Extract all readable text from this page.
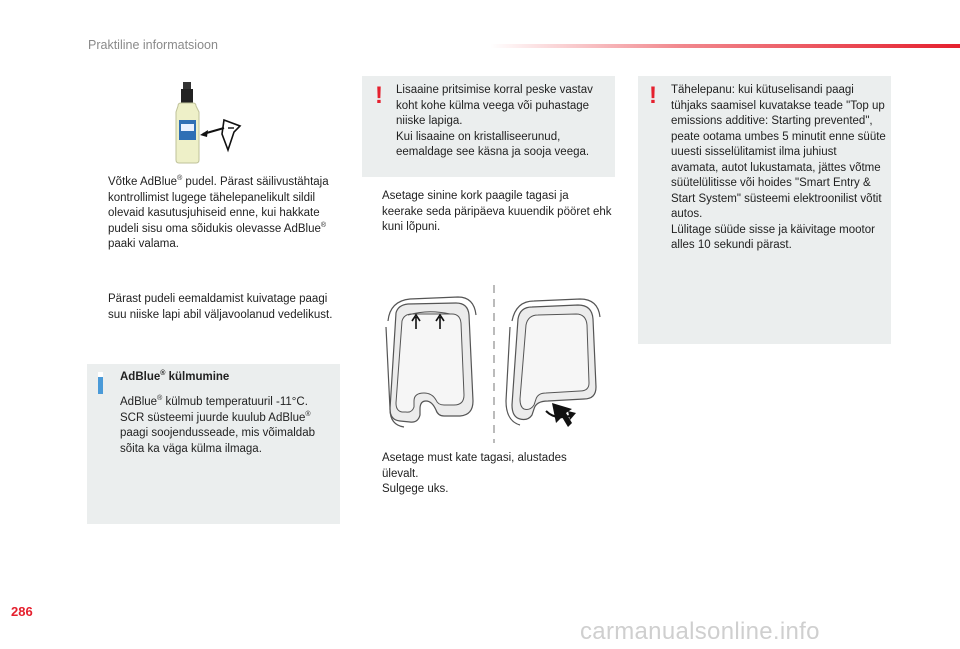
Praktiline informatsioon
Võtke AdBlue® pudel. Pärast säilivustähtaja kontrollimist lugege tähelepanelikult sildil olevaid kasutusjuhiseid enne, kui hakkate pudeli sisu oma sõidukis olevasse AdBlue® paaki valama.
Pärast pudeli eemaldamist kuivatage paagi suu niiske lapi abil väljavoolanud vedelikust.
AdBlue® külmumine
AdBlue® külmub temperatuuril -11°C.
SCR süsteemi juurde kuulub AdBlue® paagi soojendusseade, mis võimaldab sõita ka väga külma ilmaga.
! Lisaaine pritsimise korral peske vastav koht kohe külma veega või puhastage niiske lapiga.
Kui lisaaine on kristalliseerunud, eemaldage see käsna ja sooja veega.
Asetage sinine kork paagile tagasi ja keerake seda päripäeva kuuendik pööret ehk kuni lõpuni.
Asetage must kate tagasi, alustades ülevalt.
Sulgege uks.
! Tähelepanu: kui kütuselisandi paagi tühjaks saamisel kuvatakse teade "Top up emissions additive: Starting prevented", peate ootama umbes 5 minutit enne süüte uuesti sisselülitamist ilma juhiust avamata, autot lukustamata, jättes võtme süütelülitisse või hoides "Smart Entry & Start System" süsteemi elektroonilist võtit autos.
Lülitage süüde sisse ja käivitage mootor alles 10 sekundi pärast.
286
carmanualsonline.info
